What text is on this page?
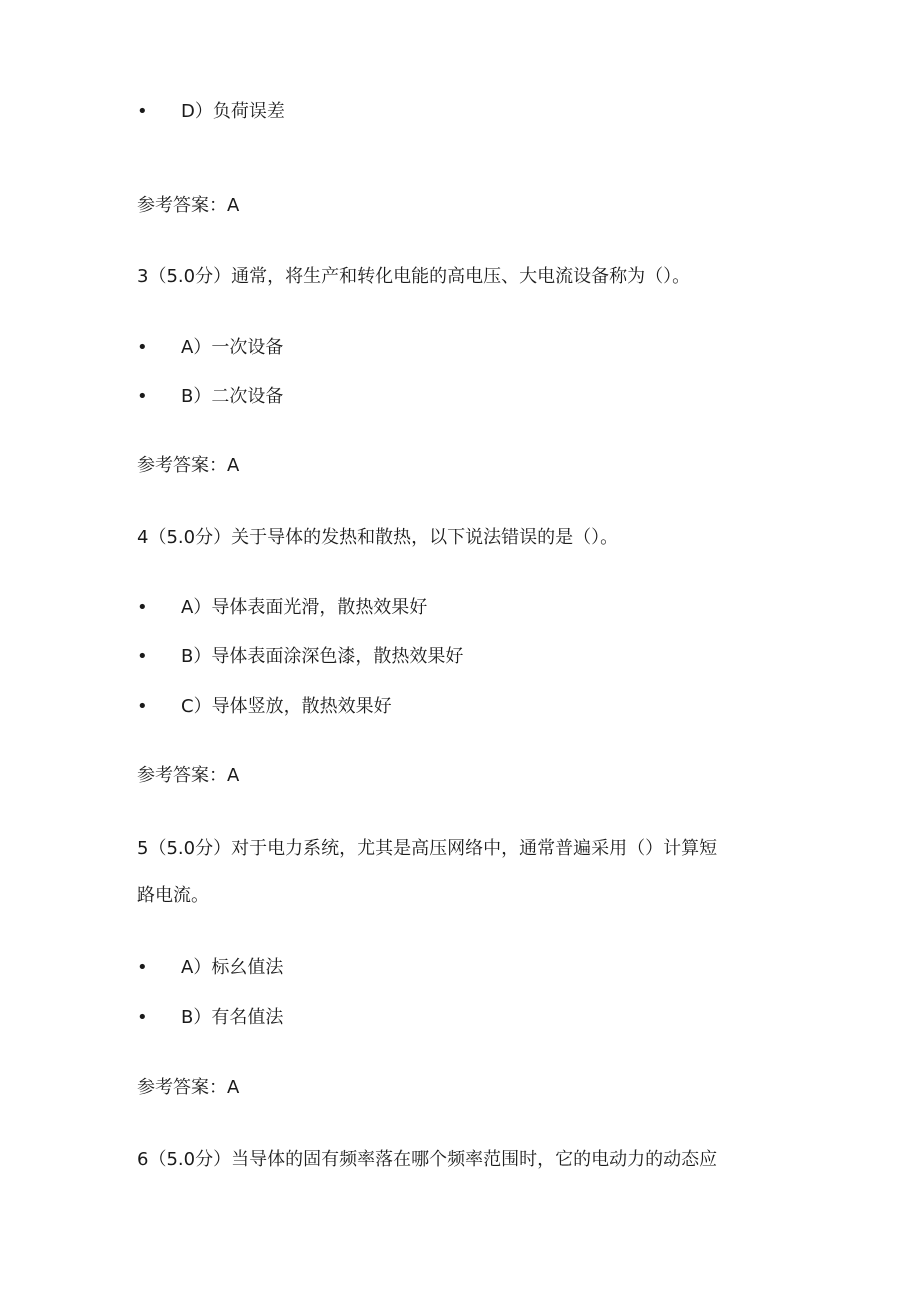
• D）负荷误差
参考答案：A
3（5.0分）通常，将生产和转化电能的高电压、大电流设备称为（）。
• A）一次设备
• B）二次设备
参考答案：A
4（5.0分）关于导体的发热和散热，以下说法错误的是（）。
• A）导体表面光滑，散热效果好
• B）导体表面涂深色漆，散热效果好
• C）导体竖放，散热效果好
参考答案：A
5（5.0分）对于电力系统，尤其是高压网络中，通常普遍采用（）计算短
路电流。
• A）标幺值法
• B）有名值法
参考答案：A
6（5.0分）当导体的固有频率落在哪个频率范围时，它的电动力的动态应
